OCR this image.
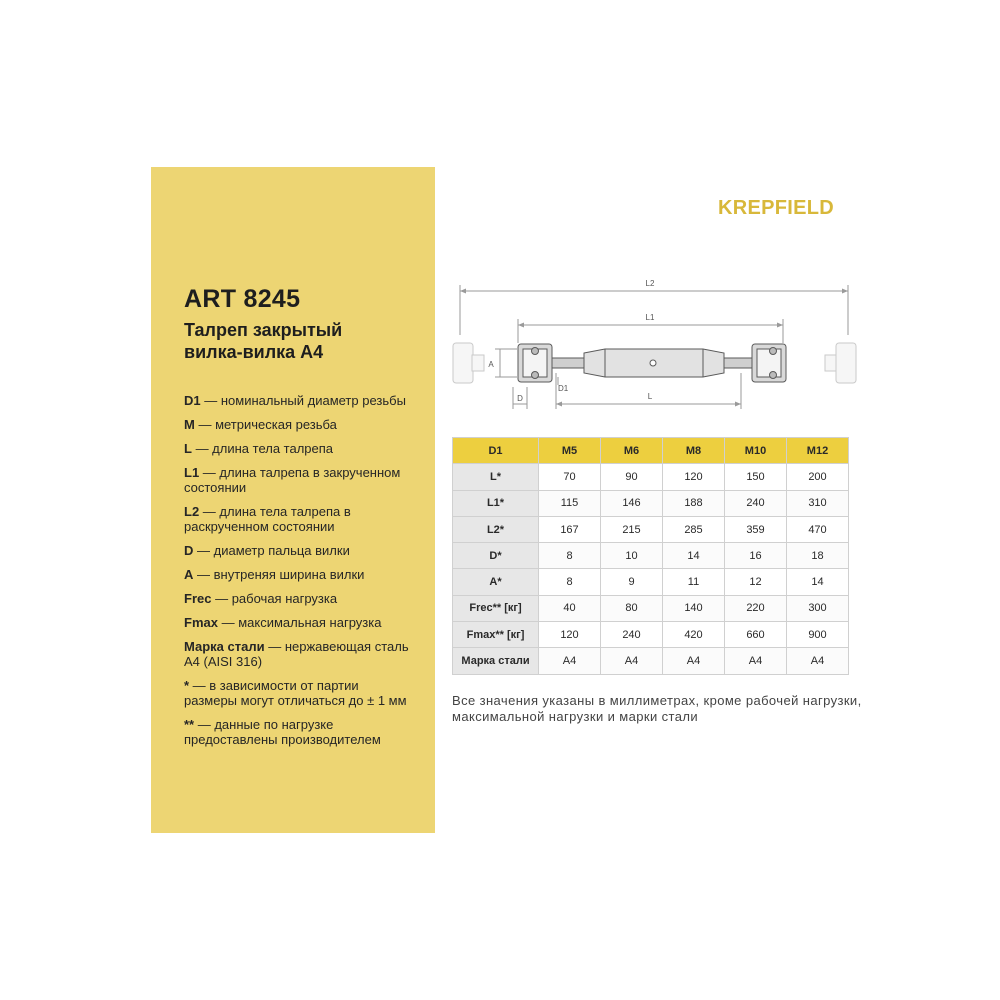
ART 8245
Талреп закрытый
вилка-вилка А4
D1 — номинальный диаметр резьбы
M — метрическая резьба
L — длина тела талрепа
L1 — длина талрепа в закрученном состоянии
L2 — длина тела талрепа в раскрученном состоянии
D — диаметр пальца вилки
A — внутреняя ширина вилки
Frec — рабочая нагрузка
Fmax — максимальная нагрузка
Марка стали — нержавеющая сталь А4 (AISI 316)
* — в зависимости от партии размеры могут отличаться до ± 1 мм
** — данные по нагрузке предоставлены производителем
KREPFIELD
L2
L1
L
D1
A
D
D1	M5	M6	M8	M10	M12
L*	70	90	120	150	200
L1*	115	146	188	240	310
L2*	167	215	285	359	470
D*	8	10	14	16	18
A*	8	9	11	12	14
Frec** [кг]	40	80	140	220	300
Fmax** [кг]	120	240	420	660	900
Марка стали	А4	А4	А4	А4	А4
Все значения указаны в миллиметрах, кроме рабочей нагрузки, максимальной нагрузки и марки стали
